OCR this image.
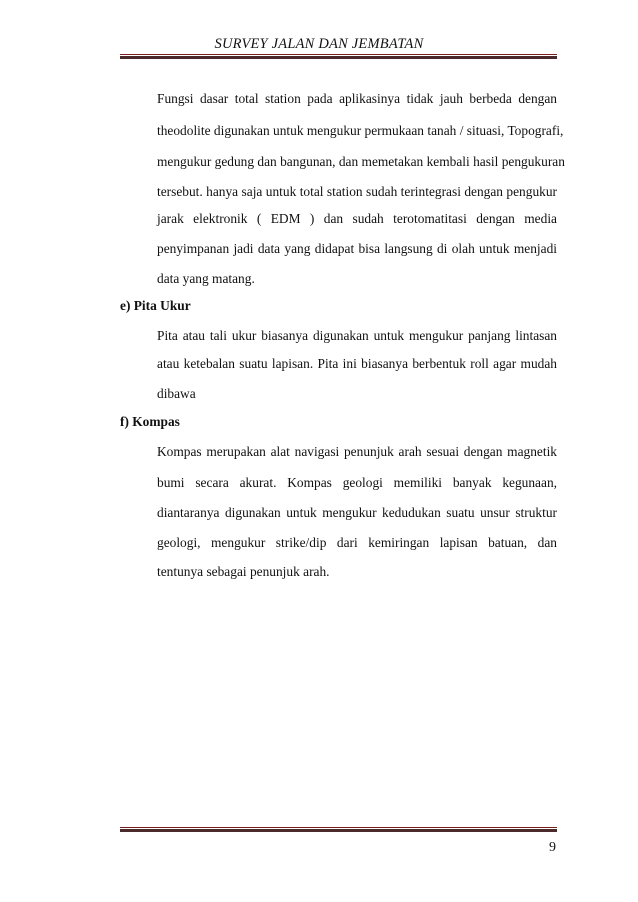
SURVEY JALAN DAN JEMBATAN
Fungsi dasar total station pada aplikasinya tidak jauh berbeda dengan
theodolite digunakan untuk mengukur permukaan tanah / situasi, Topografi,
mengukur gedung dan bangunan, dan memetakan kembali hasil pengukuran
tersebut. hanya saja untuk total station sudah terintegrasi dengan pengukur
jarak elektronik ( EDM ) dan sudah terotomatitasi dengan media
penyimpanan jadi data yang didapat bisa langsung di olah untuk menjadi
data yang matang.
e) Pita Ukur
Pita atau tali ukur biasanya digunakan untuk mengukur panjang lintasan
atau ketebalan suatu lapisan. Pita ini biasanya berbentuk roll agar mudah
dibawa
f) Kompas
Kompas merupakan alat navigasi penunjuk arah sesuai dengan magnetik
bumi secara akurat. Kompas geologi memiliki banyak kegunaan,
diantaranya digunakan untuk mengukur kedudukan suatu unsur struktur
geologi, mengukur strike/dip dari kemiringan lapisan batuan, dan
tentunya sebagai penunjuk arah.
9
